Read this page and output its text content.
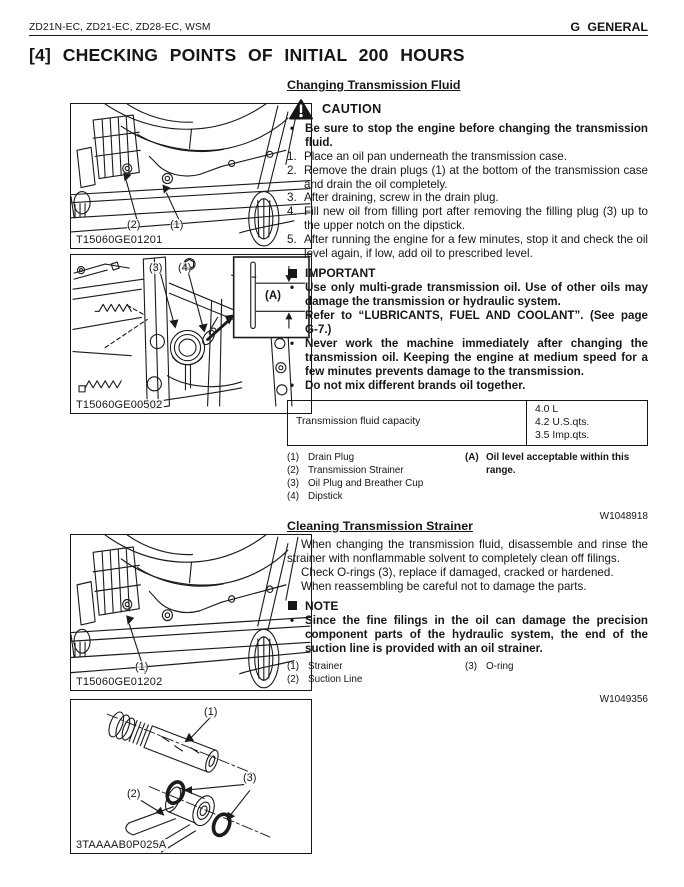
ZD21N-EC, ZD21-EC, ZD28-EC, WSM	G GENERAL
[4] CHECKING POINTS OF INITIAL 200 HOURS
(2)	(1)
T15060GE01201
(3) (4)
(A)
T15060GE00502
(1)
T15060GE01202
(1)
(2)
(3)
3TAAAAB0P025A
Changing Transmission Fluid
CAUTION
•
Be sure to stop the engine before changing the transmission fluid.
1. Place an oil pan underneath the transmission case.
2. Remove the drain plugs (1) at the bottom of the transmission case and drain the oil completely.
3. After draining, screw in the drain plug.
4. Fill new oil from filling port after removing the filling plug (3) up to the upper notch on the dipstick.
5. After running the engine for a few minutes, stop it and check the oil level again, if low, add oil to prescribed level.
IMPORTANT
•
Use only multi-grade transmission oil. Use of other oils may damage the transmission or hydraulic system.
Refer to “LUBRICANTS, FUEL AND COOLANT”. (See page G-7.)
•
Never work the machine immediately after changing the transmission oil. Keeping the engine at medium speed for a few minutes prevents damage to the transmission.
•
Do not mix different brands oil together.
Transmission fluid capacity	
4.0 L
4.2 U.S.qts.
3.5 Imp.qts.
(1) Drain Plug
(2) Transmission Strainer
(3) Oil Plug and Breather Cup
(4) Dipstick
(A) Oil level acceptable within this range.
W1048918
Cleaning Transmission Strainer

When changing the transmission fluid, disassemble and rinse the strainer with nonflammable solvent to completely clean off filings.

Check O-rings (3), replace if damaged, cracked or hardened.

When reassembling be careful not to damage the parts.

NOTE
•
Since the fine filings in the oil can damage the precision component parts of the hydraulic system, the end of the suction line is provided with an oil strainer.
(1) Strainer
(2) Suction Line
(3) O-ring
W1049356
